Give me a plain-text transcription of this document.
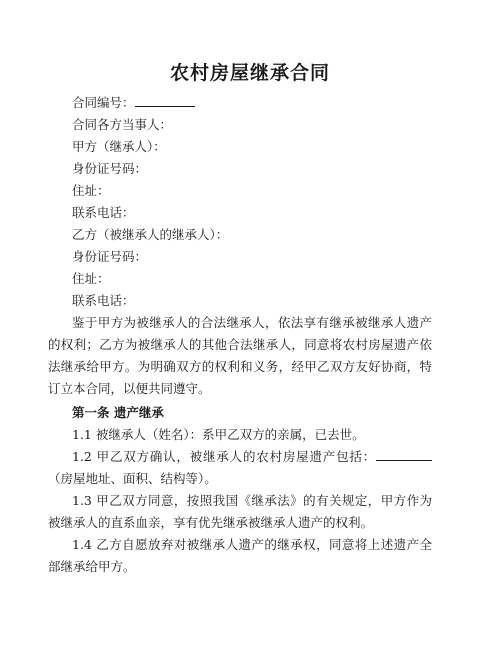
农村房屋继承合同
合同编号：
合同各方当事人：
甲方（继承人）：
身份证号码：
住址：
联系电话：
乙方（被继承人的继承人）：
身份证号码：
住址：
联系电话：

鉴于甲方为被继承人的合法继承人，依法享有继承被继承人遗产的权利；乙方为被继承人的其他合法继承人，同意将农村房屋遗产依法继承给甲方。为明确双方的权利和义务，经甲乙双方友好协商，特订立本合同，以便共同遵守。

第一条 遗产继承
1.1 被继承人（姓名）：系甲乙双方的亲属，已去世。

1.2 甲乙双方确认，被继承人的农村房屋遗产包括：（房屋地址、面积、结构等）。

1.3 甲乙双方同意，按照我国《继承法》的有关规定，甲方作为被继承人的直系血亲，享有优先继承被继承人遗产的权利。

1.4 乙方自愿放弃对被继承人遗产的继承权，同意将上述遗产全部继承给甲方。
